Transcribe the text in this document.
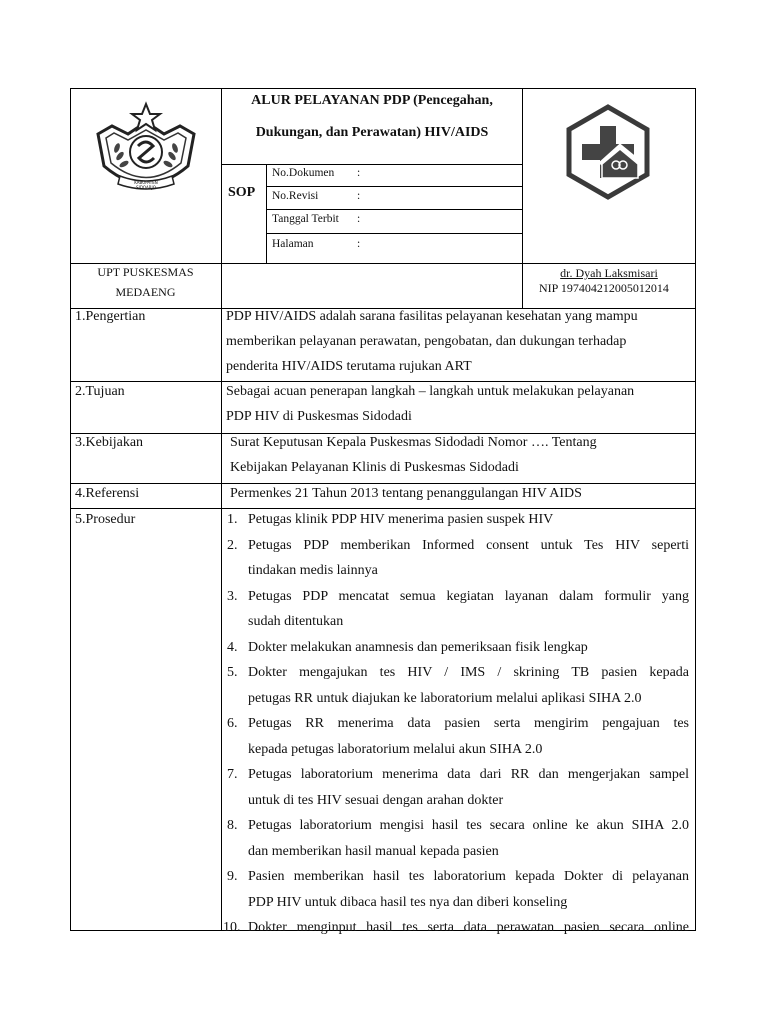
KABUPATEN SIDOARJO
ALUR PELAYANAN PDP (Pencegahan,
Dukungan, dan Perawatan) HIV/AIDS
SOP
No.Dokumen :
No.Revisi	:
Tanggal Terbit :
Halaman	:
UPT PUSKESMAS
MEDAENG
dr. Dyah Laksmisari
NIP 197404212005012014
1.Pengertian	PDP HIV/AIDS adalah sarana fasilitas pelayanan kesehatan yang mampu
memberikan pelayanan perawatan, pengobatan, dan dukungan terhadap
penderita HIV/AIDS terutama rujukan ART
2.Tujuan	Sebagai acuan penerapan langkah – langkah untuk melakukan pelayanan
PDP HIV di Puskesmas Sidodadi
3.Kebijakan	Surat Keputusan Kepala Puskesmas Sidodadi Nomor …. Tentang
Kebijakan Pelayanan Klinis di Puskesmas Sidodadi
4.Referensi	Permenkes 21 Tahun 2013 tentang penanggulangan HIV AIDS
5.Prosedur	1. Petugas klinik PDP HIV menerima pasien suspek HIV
2. Petugas PDP memberikan Informed consent untuk Tes HIV seperti
tindakan medis lainnya
3. Petugas PDP mencatat semua kegiatan layanan dalam formulir yang
sudah ditentukan
4. Dokter melakukan anamnesis dan pemeriksaan fisik lengkap
5. Dokter mengajukan tes HIV / IMS / skrining TB pasien kepada
petugas RR untuk diajukan ke laboratorium melalui aplikasi SIHA 2.0
6. Petugas RR menerima data pasien serta mengirim pengajuan tes
kepada petugas laboratorium melalui akun SIHA 2.0
7. Petugas laboratorium menerima data dari RR dan mengerjakan sampel
untuk di tes HIV sesuai dengan arahan dokter
8. Petugas laboratorium mengisi hasil tes secara online ke akun SIHA 2.0
dan memberikan hasil manual kepada pasien
9. Pasien memberikan hasil tes laboratorium kepada Dokter di pelayanan
PDP HIV untuk dibaca hasil tes nya dan diberi konseling
10. Dokter menginput hasil tes serta data perawatan pasien secara online
